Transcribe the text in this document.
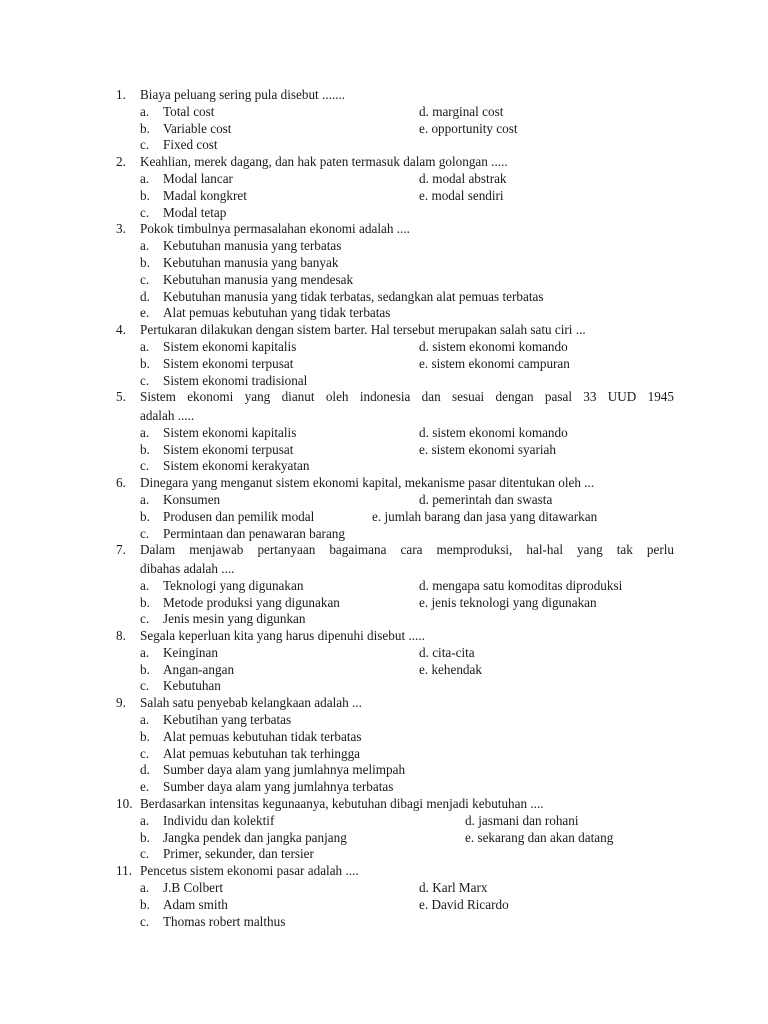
1. Biaya peluang sering pula disebut .......
a. Total cost	d. marginal cost
b. Variable cost	e. opportunity cost
c. Fixed cost
2. Keahlian, merek dagang, dan hak paten termasuk dalam golongan .....
a. Modal lancar	d. modal abstrak
b. Madal kongkret	e. modal sendiri
c. Modal tetap
3. Pokok timbulnya permasalahan ekonomi adalah ....
a. Kebutuhan manusia yang terbatas
b. Kebutuhan manusia yang banyak
c. Kebutuhan manusia yang mendesak
d. Kebutuhan manusia yang tidak terbatas, sedangkan alat pemuas terbatas
e. Alat pemuas kebutuhan yang tidak terbatas
4. Pertukaran dilakukan dengan sistem barter. Hal tersebut merupakan salah satu ciri ...
a. Sistem ekonomi kapitalis	d. sistem ekonomi komando
b. Sistem ekonomi terpusat	e. sistem ekonomi campuran
c. Sistem ekonomi tradisional
5. Sistem ekonomi yang dianut oleh indonesia dan sesuai dengan pasal 33 UUD 1945
adalah .....
a. Sistem ekonomi kapitalis	d. sistem ekonomi komando
b. Sistem ekonomi terpusat	e. sistem ekonomi syariah
c. Sistem ekonomi kerakyatan
6. Dinegara yang menganut sistem ekonomi kapital, mekanisme pasar ditentukan oleh ...
a. Konsumen	d. pemerintah dan swasta
b. Produsen dan pemilik modal	e. jumlah barang dan jasa yang ditawarkan
c. Permintaan dan penawaran barang
7. Dalam menjawab pertanyaan bagaimana cara memproduksi, hal-hal yang tak perlu
dibahas adalah ....
a. Teknologi yang digunakan	d. mengapa satu komoditas diproduksi
b. Metode produksi yang digunakan	e. jenis teknologi yang digunakan
c. Jenis mesin yang digunkan
8. Segala keperluan kita yang harus dipenuhi disebut .....
a. Keinginan	d. cita-cita
b. Angan-angan	e. kehendak
c. Kebutuhan
9. Salah satu penyebab kelangkaan adalah ...
a. Kebutihan yang terbatas
b. Alat pemuas kebutuhan tidak terbatas
c. Alat pemuas kebutuhan tak terhingga
d. Sumber daya alam yang jumlahnya melimpah
e. Sumber daya alam yang jumlahnya terbatas
10. Berdasarkan intensitas kegunaanya, kebutuhan dibagi menjadi kebutuhan ....
a. Individu dan kolektif	d. jasmani dan rohani
b. Jangka pendek dan jangka panjang	e. sekarang dan akan datang
c. Primer, sekunder, dan tersier
11. Pencetus sistem ekonomi pasar adalah ....
a. J.B Colbert	d. Karl Marx
b. Adam smith	e. David Ricardo
c. Thomas robert malthus
